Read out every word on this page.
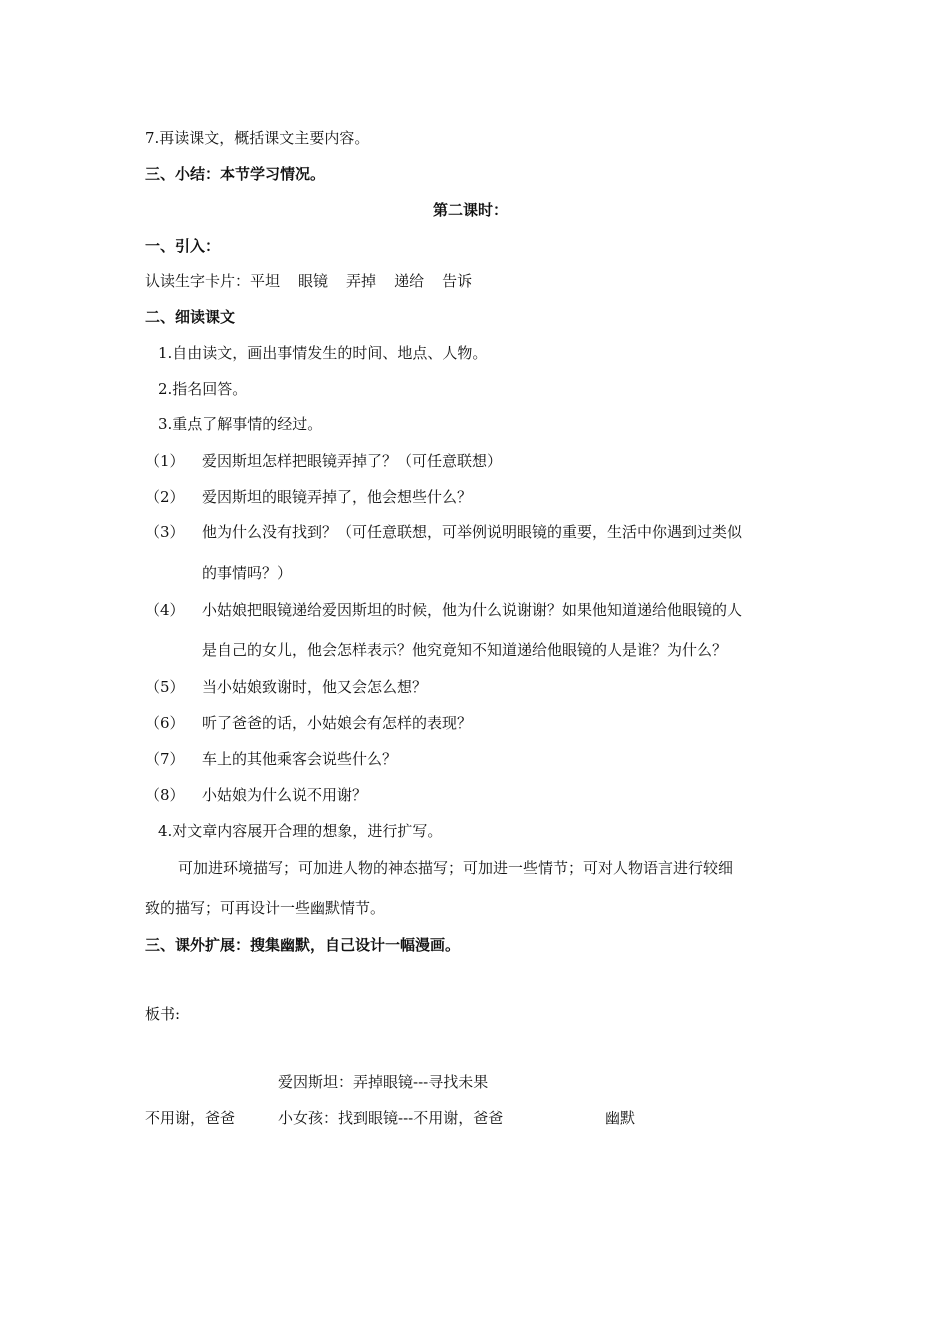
7.再读课文，概括课文主要内容。
三、小结：本节学习情况。
第二课时：
一、引入：
认读生字卡片：平坦 眼镜 弄掉 递给 告诉
二、细读课文
1.自由读文，画出事情发生的时间、地点、人物。
2.指名回答。
3.重点了解事情的经过。
（1） 爱因斯坦怎样把眼镜弄掉了？（可任意联想）
（2） 爱因斯坦的眼镜弄掉了，他会想些什么？
（3） 他为什么没有找到？（可任意联想，可举例说明眼镜的重要，生活中你遇到过类似
的事情吗？）
（4） 小姑娘把眼镜递给爱因斯坦的时候，他为什么说谢谢？如果他知道递给他眼镜的人
是自己的女儿，他会怎样表示？他究竟知不知道递给他眼镜的人是谁？为什么？
（5） 当小姑娘致谢时，他又会怎么想？
（6） 听了爸爸的话，小姑娘会有怎样的表现？
（7） 车上的其他乘客会说些什么？
（8） 小姑娘为什么说不用谢？
4.对文章内容展开合理的想象，进行扩写。
可加进环境描写；可加进人物的神态描写；可加进一些情节；可对人物语言进行较细
致的描写；可再设计一些幽默情节。
三、课外扩展：搜集幽默，自己设计一幅漫画。
板书:
爱因斯坦：弄掉眼镜---寻找未果
不用谢，爸爸	小女孩：找到眼镜---不用谢，爸爸	幽默
